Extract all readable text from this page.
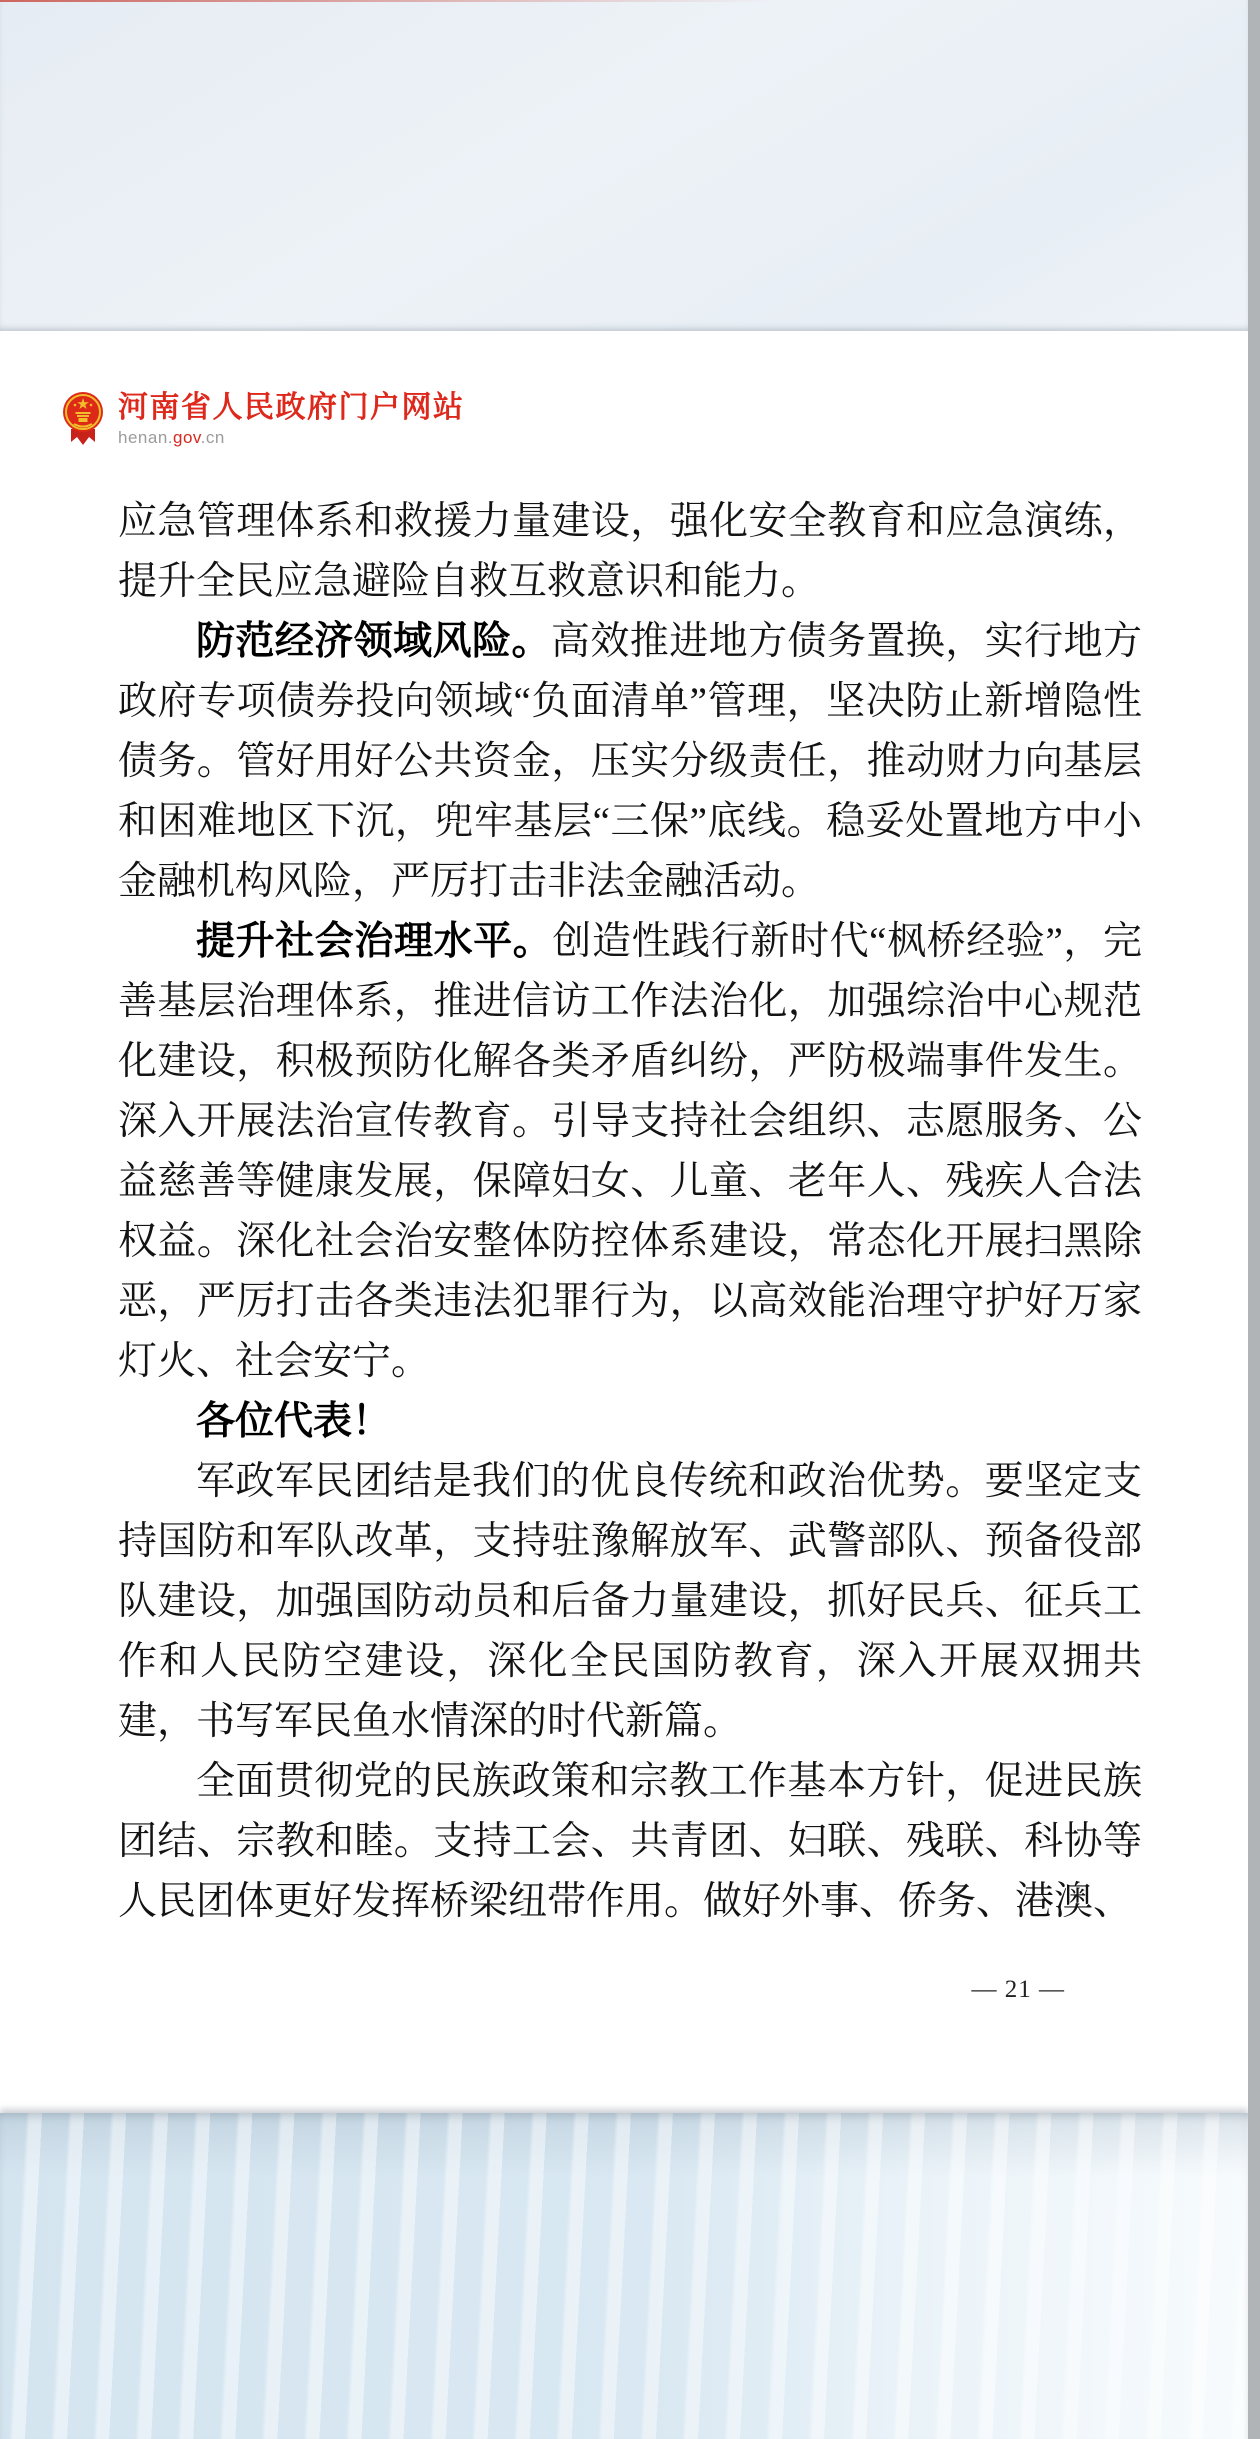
河南省人民政府门户网站
henan.gov.cn

应急管理体系和救援力量建设，强化安全教育和应急演练，提升全民应急避险自救互救意识和能力。

防范经济领域风险。高效推进地方债务置换，实行地方政府专项债券投向领域“负面清单”管理，坚决防止新增隐性债务。管好用好公共资金，压实分级责任，推动财力向基层和困难地区下沉，兜牢基层“三保”底线。稳妥处置地方中小金融机构风险，严厉打击非法金融活动。

提升社会治理水平。创造性践行新时代“枫桥经验”，完善基层治理体系，推进信访工作法治化，加强综治中心规范化建设，积极预防化解各类矛盾纠纷，严防极端事件发生。深入开展法治宣传教育。引导支持社会组织、志愿服务、公益慈善等健康发展，保障妇女、儿童、老年人、残疾人合法权益。深化社会治安整体防控体系建设，常态化开展扫黑除恶，严厉打击各类违法犯罪行为，以高效能治理守护好万家灯火、社会安宁。

各位代表！

军政军民团结是我们的优良传统和政治优势。要坚定支持国防和军队改革，支持驻豫解放军、武警部队、预备役部队建设，加强国防动员和后备力量建设，抓好民兵、征兵工作和人民防空建设，深化全民国防教育，深入开展双拥共建，书写军民鱼水情深的时代新篇。

全面贯彻党的民族政策和宗教工作基本方针，促进民族团结、宗教和睦。支持工会、共青团、妇联、残联、科协等人民团体更好发挥桥梁纽带作用。做好外事、侨务、港澳、

— 21 —
